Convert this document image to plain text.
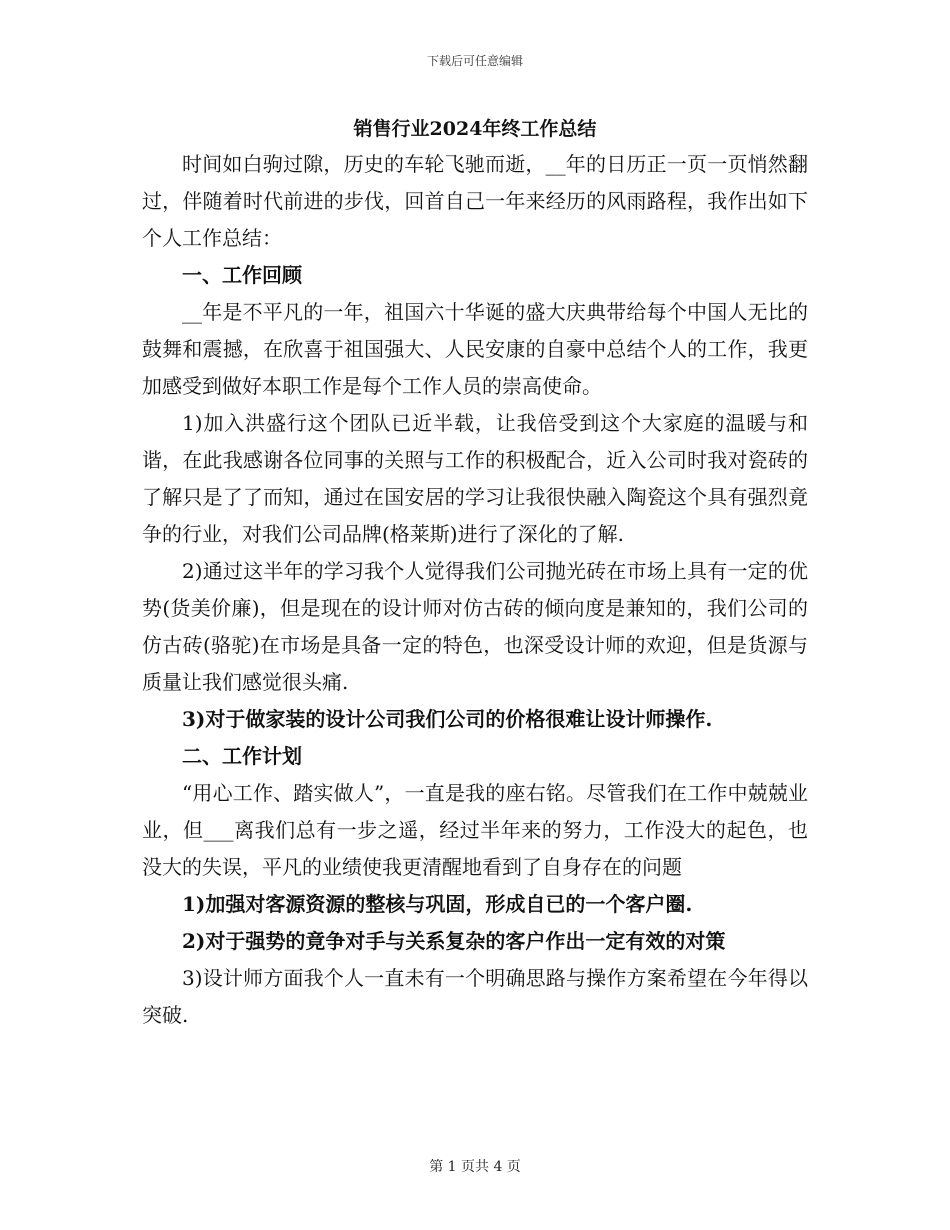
下载后可任意编辑
销售行业2024年终工作总结

时间如白驹过隙，历史的车轮飞驰而逝，__年的日历正一页一页悄然翻过，伴随着时代前进的步伐，回首自己一年来经历的风雨路程，我作出如下个人工作总结：

一、工作回顾

__年是不平凡的一年，祖国六十华诞的盛大庆典带给每个中国人无比的鼓舞和震撼，在欣喜于祖国强大、人民安康的自豪中总结个人的工作，我更加感受到做好本职工作是每个工作人员的崇高使命。

1)加入洪盛行这个团队已近半载，让我倍受到这个大家庭的温暖与和谐，在此我感谢各位同事的关照与工作的积极配合，近入公司时我对瓷砖的了解只是了了而知，通过在国安居的学习让我很快融入陶瓷这个具有强烈竟争的行业，对我们公司品牌(格莱斯)进行了深化的了解.

2)通过这半年的学习我个人觉得我们公司抛光砖在市场上具有一定的优势(货美价廉)，但是现在的设计师对仿古砖的倾向度是兼知的，我们公司的仿古砖(骆驼)在市场是具备一定的特色，也深受设计师的欢迎，但是货源与质量让我们感觉很头痛.

3)对于做家装的设计公司我们公司的价格很难让设计师操作.

二、工作计划

“用心工作、踏实做人”，一直是我的座右铭。尽管我们在工作中兢兢业业，但___离我们总有一步之遥，经过半年来的努力，工作没大的起色，也没大的失误，平凡的业绩使我更清醒地看到了自身存在的问题

1)加强对客源资源的整核与巩固，形成自已的一个客户圈.

2)对于强势的竟争对手与关系复杂的客户作出一定有效的对策

3)设计师方面我个人一直未有一个明确思路与操作方案希望在今年得以突破.

第 1 页共 4 页
